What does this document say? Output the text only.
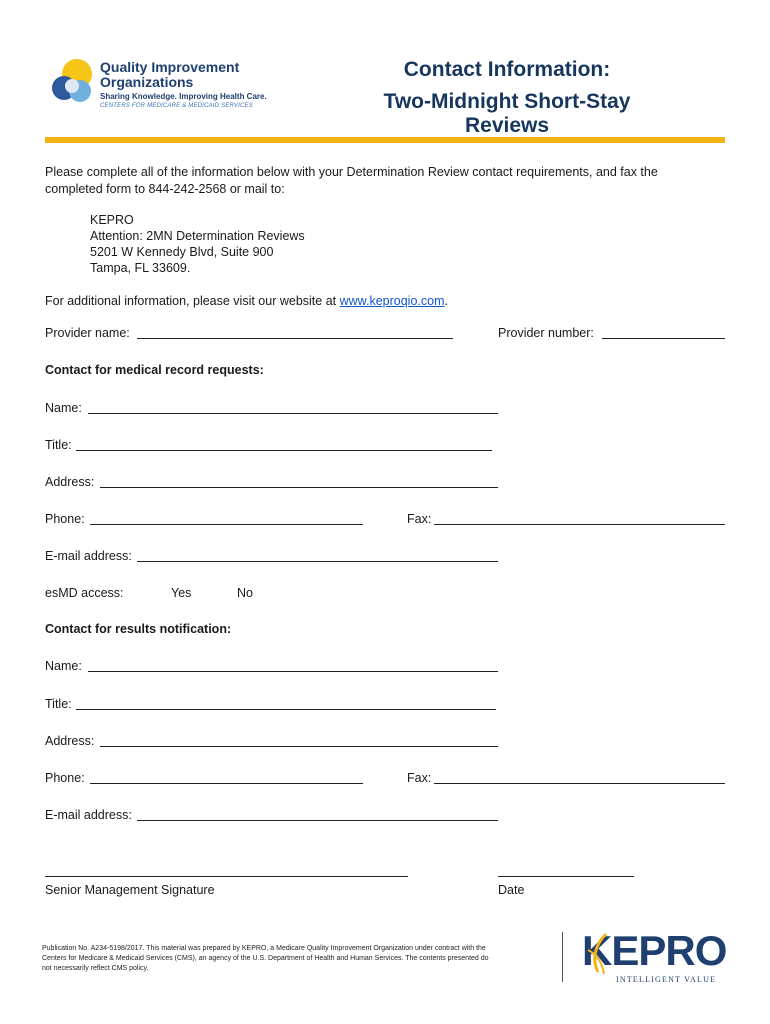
Quality Improvement
Organizations
Sharing Knowledge. Improving Health Care.
CENTERS FOR MEDICARE & MEDICAID SERVICES
Contact Information:
Two-Midnight Short-Stay Reviews
Please complete all of the information below with your Determination Review contact requirements, and fax the
completed form to 844-242-2568 or mail to:
KEPRO
Attention: 2MN Determination Reviews
5201 W Kennedy Blvd, Suite 900
Tampa, FL 33609.
For additional information, please visit our website at www.keproqio.com.
Provider name:	Provider number:
Contact for medical record requests:
Name:
Title:
Address:
Phone:	Fax:
E-mail address:
esMD access:	Yes	No
Contact for results notification:
Name:
Title:
Address:
Phone:	Fax:
E-mail address:
Senior Management Signature	Date
Publication No. A234-5198/2017. This material was prepared by KEPRO, a Medicare Quality Improvement Organization under contract with the
Centers for Medicare & Medicaid Services (CMS), an agency of the U.S. Department of Health and Human Services. The contents presented do
not necessarily reflect CMS policy.	KEPRO
INTELLIGENT VALUE
